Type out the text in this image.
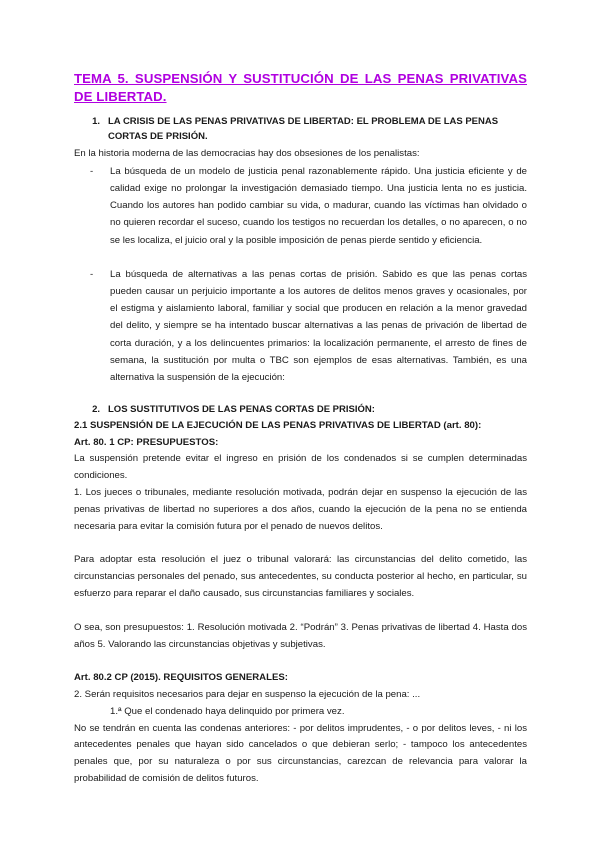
TEMA 5. SUSPENSIÓN Y SUSTITUCIÓN DE LAS PENAS PRIVATIVAS DE LIBERTAD.
1. LA CRISIS DE LAS PENAS PRIVATIVAS DE LIBERTAD: EL PROBLEMA DE LAS PENAS CORTAS DE PRISIÓN.

En la historia moderna de las democracias hay dos obsesiones de los penalistas:

-	La búsqueda de un modelo de justicia penal razonablemente rápido. Una justicia eficiente y de calidad exige no prolongar la investigación demasiado tiempo. Una justicia lenta no es justicia. Cuando los autores han podido cambiar su vida, o madurar, cuando las víctimas han olvidado o no quieren recordar el suceso, cuando los testigos no recuerdan los detalles, o no aparecen, o no se les localiza, el juicio oral y la posible imposición de penas pierde sentido y eficiencia.
-	La búsqueda de alternativas a las penas cortas de prisión. Sabido es que las penas cortas pueden causar un perjuicio importante a los autores de delitos menos graves y ocasionales, por el estigma y aislamiento laboral, familiar y social que producen en relación a la menor gravedad del delito, y siempre se ha intentado buscar alternativas a las penas de privación de libertad de corta duración, y a los delincuentes primarios: la localización permanente, el arresto de fines de semana, la sustitución por multa o TBC son ejemplos de esas alternativas. También, es una alternativa la suspensión de la ejecución:
2. LOS SUSTITUTIVOS DE LAS PENAS CORTAS DE PRISIÓN:

2.1 SUSPENSIÓN DE LA EJECUCIÓN DE LAS PENAS PRIVATIVAS DE LIBERTAD (art. 80):

Art. 80. 1 CP: PRESUPUESTOS:

La suspensión pretende evitar el ingreso en prisión de los condenados si se cumplen determinadas condiciones.

1. Los jueces o tribunales, mediante resolución motivada, podrán dejar en suspenso la ejecución de las penas privativas de libertad no superiores a dos años, cuando la ejecución de la pena no se entienda necesaria para evitar la comisión futura por el penado de nuevos delitos.

Para adoptar esta resolución el juez o tribunal valorará: las circunstancias del delito cometido, las circunstancias personales del penado, sus antecedentes, su conducta posterior al hecho, en particular, su esfuerzo para reparar el daño causado, sus circunstancias familiares y sociales.

O sea, son presupuestos: 1. Resolución motivada 2. “Podrán” 3. Penas privativas de libertad 4. Hasta dos años 5. Valorando las circunstancias objetivas y subjetivas.

Art. 80.2 CP (2015). REQUISITOS GENERALES:

2. Serán requisitos necesarios para dejar en suspenso la ejecución de la pena: ...

1.ª Que el condenado haya delinquido por primera vez.

No se tendrán en cuenta las condenas anteriores: - por delitos imprudentes, - o por delitos leves, - ni los antecedentes penales que hayan sido cancelados o que debieran serlo; - tampoco los antecedentes penales que, por su naturaleza o por sus circunstancias, carezcan de relevancia para valorar la probabilidad de comisión de delitos futuros.
